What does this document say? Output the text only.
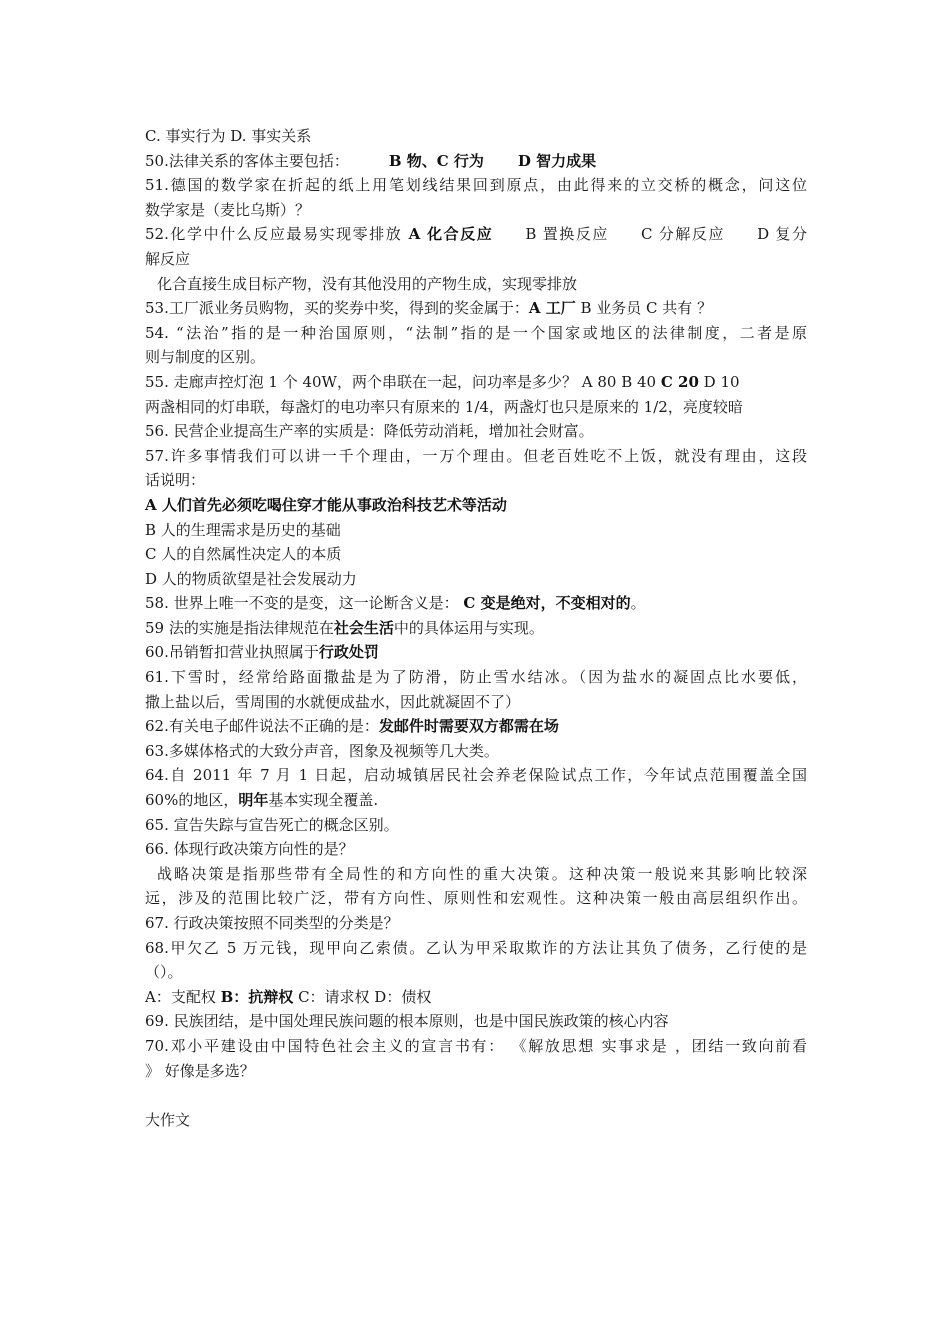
C. 事实行为 D. 事实关系
50.法律关系的客体主要包括：	B 物、C 行为 D 智力成果
51.德国的数学家在折起的纸上用笔划线结果回到原点，由此得来的立交桥的概念，问这位
数学家是（麦比乌斯）？
52.化学中什么反应最易实现零排放 A 化合反应 B 置换反应 C 分解反应 D 复分
解反应
化合直接生成目标产物，没有其他没用的产物生成，实现零排放
53.工厂派业务员购物，买的奖券中奖，得到的奖金属于：A 工厂 B 业务员 C 共有 ？
54. “法治”指的是一种治国原则，“法制”指的是一个国家或地区的法律制度，二者是原
则与制度的区别。
55. 走廊声控灯泡 1 个 40W，两个串联在一起，问功率是多少？ A 80 B 40 C 20 D 10
两盏相同的灯串联，每盏灯的电功率只有原来的 1/4，两盏灯也只是原来的 1/2，亮度较暗
56. 民营企业提高生产率的实质是：降低劳动消耗，增加社会财富。
57.许多事情我们可以讲一千个理由，一万个理由。但老百姓吃不上饭，就没有理由，这段
话说明：
A 人们首先必须吃喝住穿才能从事政治科技艺术等活动
B 人的生理需求是历史的基础
C 人的自然属性决定人的本质
D 人的物质欲望是社会发展动力
58. 世界上唯一不变的是变，这一论断含义是： C 变是绝对，不变相对的。
59 法的实施是指法律规范在社会生活中的具体运用与实现。
60.吊销暂扣营业执照属于行政处罚
61.下雪时，经常给路面撒盐是为了防滑，防止雪水结冰。（因为盐水的凝固点比水要低，
撒上盐以后，雪周围的水就便成盐水，因此就凝固不了）
62.有关电子邮件说法不正确的是：发邮件时需要双方都需在场
63.多媒体格式的大致分声音，图象及视频等几大类。
64.自 2011 年 7 月 1 日起，启动城镇居民社会养老保险试点工作，今年试点范围覆盖全国
60%的地区，明年基本实现全覆盖.
65. 宣告失踪与宣告死亡的概念区别。
66. 体现行政决策方向性的是？
战略决策是指那些带有全局性的和方向性的重大决策。这种决策一般说来其影响比较深
远，涉及的范围比较广泛，带有方向性、原则性和宏观性。这种决策一般由高层组织作出。
67. 行政决策按照不同类型的分类是？
68.甲欠乙 5 万元钱，现甲向乙索债。乙认为甲采取欺诈的方法让其负了债务，乙行使的是
（）。
A：支配权 B：抗辩权 C：请求权 D：债权
69. 民族团结，是中国处理民族问题的根本原则，也是中国民族政策的核心内容
70.邓小平建设由中国特色社会主义的宣言书有： 《解放思想 实事求是 ，团结一致向前看
》 好像是多选？
大作文
